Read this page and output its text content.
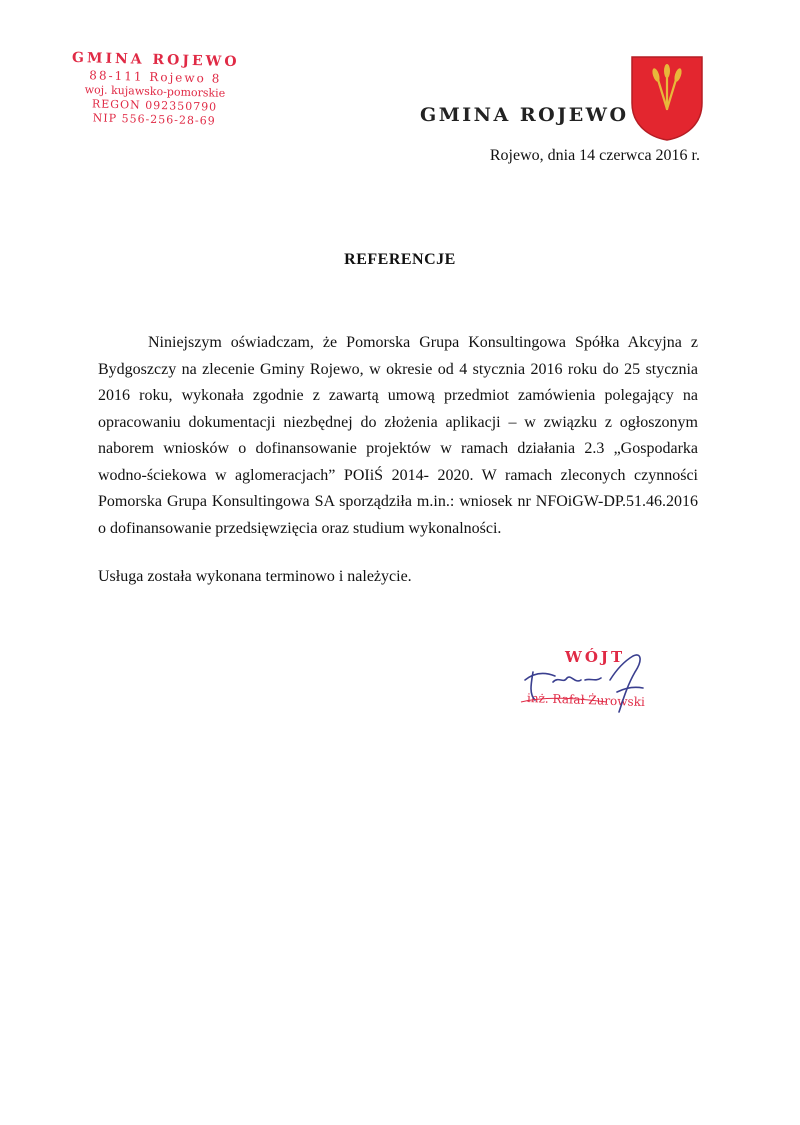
GMINA ROJEWO
88-111 Rojewo 8
woj. kujawsko-pomorskie
REGON 092350790
NIP 556-256-28-69	GMINA ROJEWO
Rojewo, dnia 14 czerwca 2016 r.
REFERENCJE

Niniejszym oświadczam, że Pomorska Grupa Konsultingowa Spółka Akcyjna z Bydgoszczy na zlecenie Gminy Rojewo, w okresie od 4 stycznia 2016 roku do 25 stycznia 2016 roku, wykonała zgodnie z zawartą umową przedmiot zamówienia polegający na opracowaniu dokumentacji niezbędnej do złożenia aplikacji – w związku z ogłoszonym naborem wniosków o dofinansowanie projektów w ramach działania 2.3 „Gospodarka wodno-ściekowa w aglomeracjach” POIiŚ 2014- 2020. W ramach zleconych czynności Pomorska Grupa Konsultingowa SA sporządziła m.in.: wniosek nr NFOiGW-DP.51.46.2016 o dofinansowanie przedsięwzięcia oraz studium wykonalności.

Usługa została wykonana terminowo i należycie.
WÓJT
inż. Rafał Żurowski
